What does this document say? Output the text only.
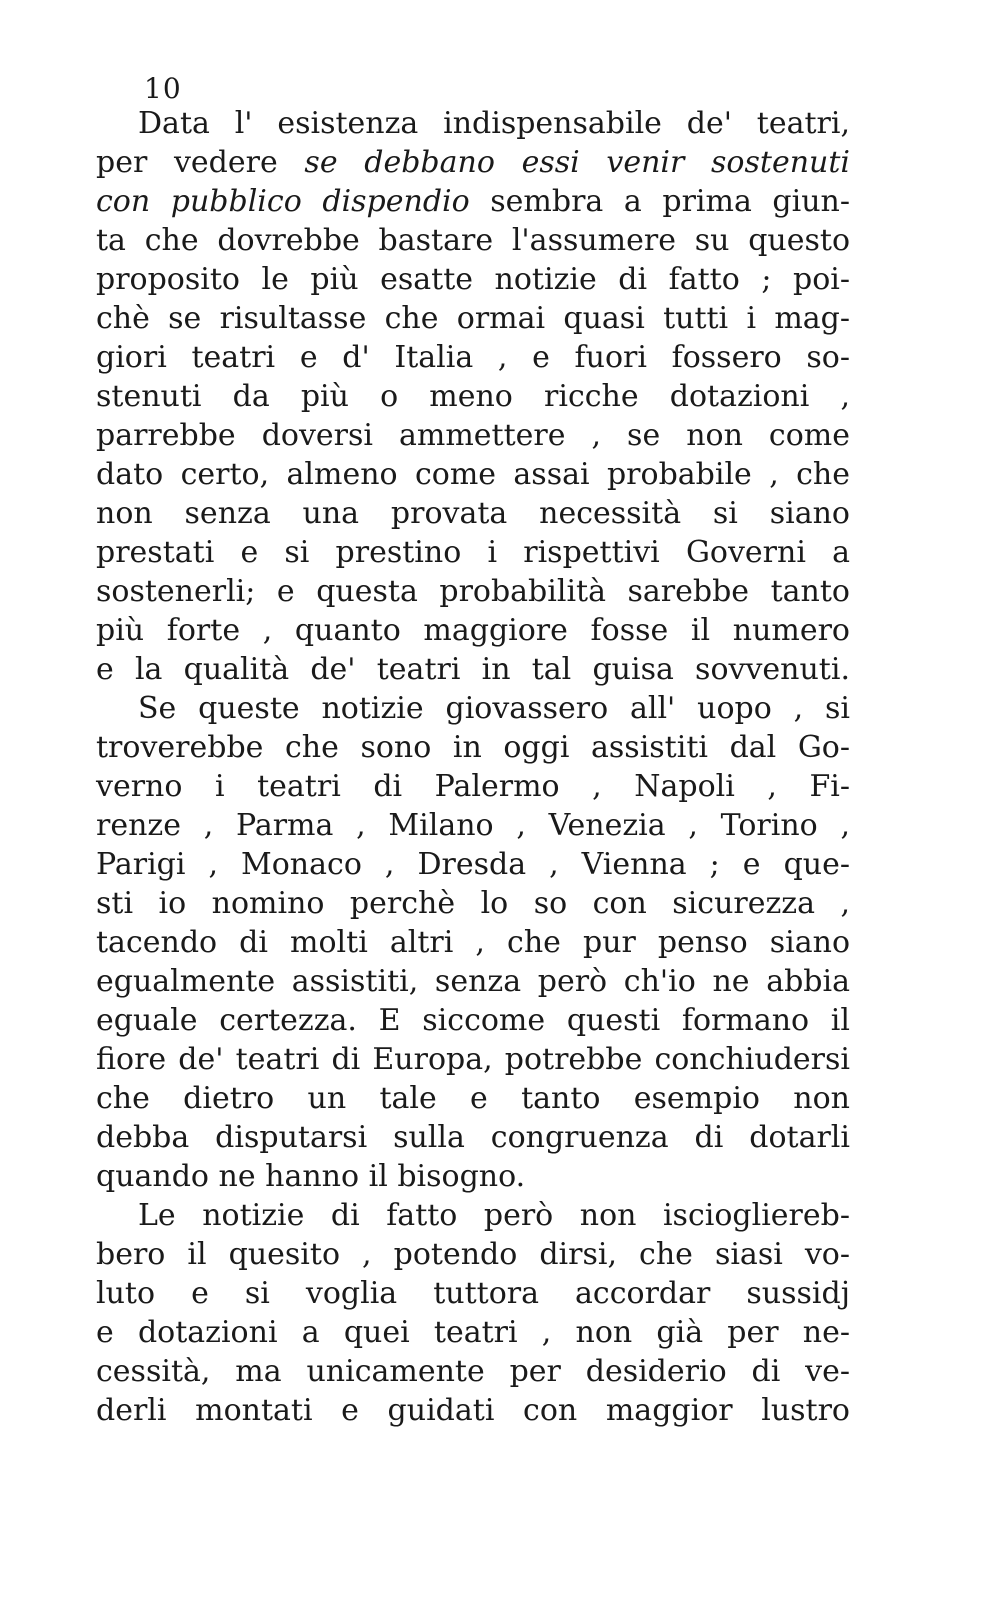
10
Data l' esistenza indispensabile de' teatri,
per vedere se debbano essi venir sostenuti
con pubblico dispendio sembra a prima giun-
ta che dovrebbe bastare l'assumere su questo
proposito le più esatte notizie di fatto ; poi-
chè se risultasse che ormai quasi tutti i mag-
giori teatri e d' Italia , e fuori fossero so-
stenuti da più o meno ricche dotazioni ,
parrebbe doversi ammettere , se non come
dato certo, almeno come assai probabile , che
non senza una provata necessità si siano
prestati e si prestino i rispettivi Governi a
sostenerli; e questa probabilità sarebbe tanto
più forte , quanto maggiore fosse il numero
e la qualità de' teatri in tal guisa sovvenuti.
Se queste notizie giovassero all' uopo , si
troverebbe che sono in oggi assistiti dal Go-
verno i teatri di Palermo , Napoli , Fi-
renze , Parma , Milano , Venezia , Torino ,
Parigi , Monaco , Dresda , Vienna ; e que-
sti io nomino perchè lo so con sicurezza ,
tacendo di molti altri , che pur penso siano
egualmente assistiti, senza però ch'io ne abbia
eguale certezza. E siccome questi formano il
fiore de' teatri di Europa, potrebbe conchiudersi
che dietro un tale e tanto esempio non
debba disputarsi sulla congruenza di dotarli
quando ne hanno il bisogno.
Le notizie di fatto però non isciogliereb-
bero il quesito , potendo dirsi, che siasi vo-
luto e si voglia tuttora accordar sussidj
e dotazioni a quei teatri , non già per ne-
cessità, ma unicamente per desiderio di ve-
derli montati e guidati con maggior lustro
